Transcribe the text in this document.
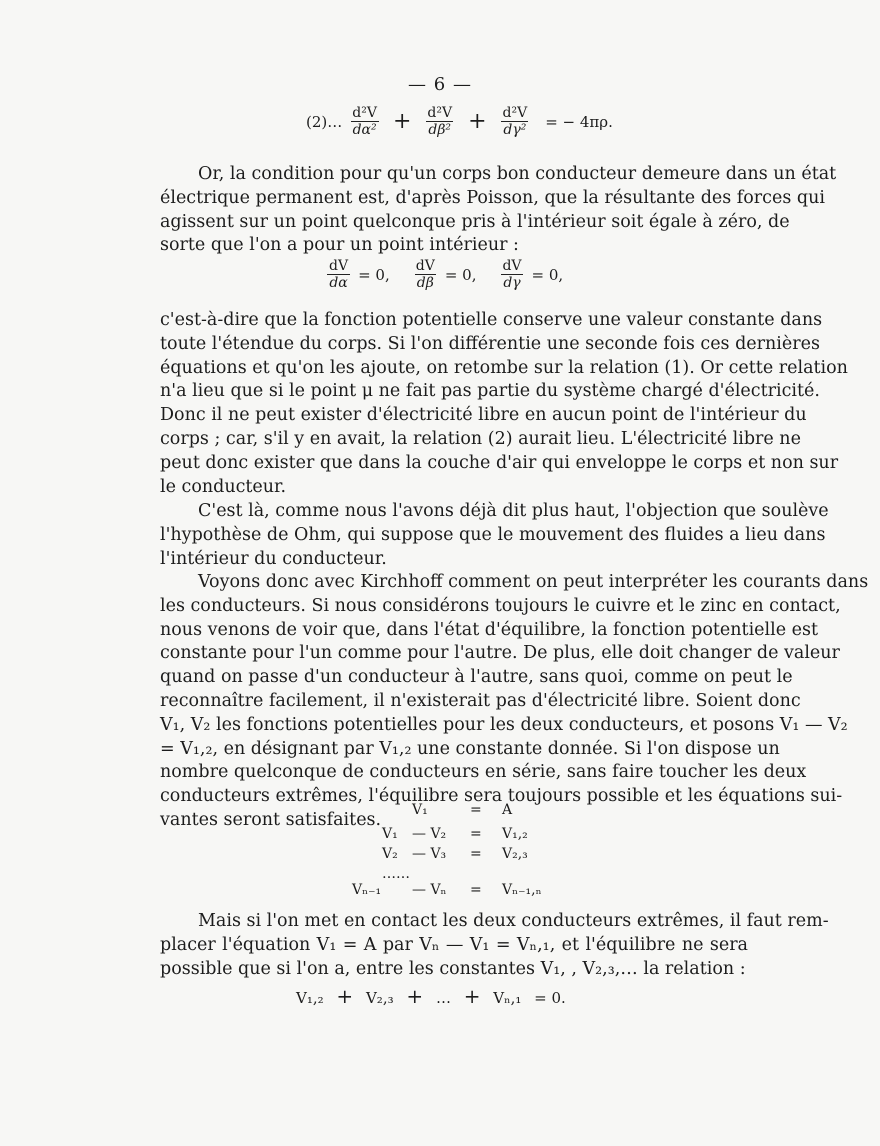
— 6 —
(2)… $\frac{\text{d²V}}{\text{dα²}} + \frac{\text{d²V}}{\text{dβ²}} + \frac{\text{d²V}}{\text{dγ²}}$ = − 4πρ.
Or, la condition pour qu'un corps bon conducteur demeure dans un état
électrique permanent est, d'après Poisson, que la résultante des forces qui
agissent sur un point quelconque pris à l'intérieur soit égale à zéro, de
sorte que l'on a pour un point intérieur :
$\frac{dV}{d\alpha} = 0$, $\frac{dV}{d\beta} = 0$, $\frac{dV}{d\gamma} = 0$,
c'est-à-dire que la fonction potentielle conserve une valeur constante dans
toute l'étendue du corps. Si l'on différentie une seconde fois ces dernières
équations et qu'on les ajoute, on retombe sur la relation (1). Or cette relation
n'a lieu que si le point μ ne fait pas partie du système chargé d'électricité.
Donc il ne peut exister d'électricité libre en aucun point de l'intérieur du
corps ; car, s'il y en avait, la relation (2) aurait lieu. L'électricité libre ne
peut donc exister que dans la couche d'air qui enveloppe le corps et non sur
le conducteur.
C'est là, comme nous l'avons déjà dit plus haut, l'objection que soulève
l'hypothèse de Ohm, qui suppose que le mouvement des fluides a lieu dans
l'intérieur du conducteur.
Voyons donc avec Kirchhoff comment on peut interpréter les courants dans
les conducteurs. Si nous considérons toujours le cuivre et le zinc en contact,
nous venons de voir que, dans l'état d'équilibre, la fonction potentielle est
constante pour l'un comme pour l'autre. De plus, elle doit changer de valeur
quand on passe d'un conducteur à l'autre, sans quoi, comme on peut le
reconnaître facilement, il n'existerait pas d'électricité libre. Soient donc
V₁, V₂ les fonctions potentielles pour les deux conducteurs, et posons V₁ — V₂
= V₁,₂, en désignant par V₁,₂ une constante donnée. Si l'on dispose un
nombre quelconque de conducteurs en série, sans faire toucher les deux
conducteurs extrêmes, l'équilibre sera toujours possible et les équations sui-
vantes seront satisfaites.	V₁	= A
V₁ — V₂ = V₁,₂
V₂ — V₃ = V₂,₃
……
Vₙ₋₁ — Vₙ = Vₙ₋₁,ₙ
Mais si l'on met en contact les deux conducteurs extrêmes, il faut rem-
placer l'équation V₁ = A par Vₙ — V₁ = Vₙ,₁, et l'équilibre ne sera
possible que si l'on a, entre les constantes V₁, , V₂,₃,… la relation :
V₁,₂ + V₂,₃ + … + Vₙ,₁ = 0.
